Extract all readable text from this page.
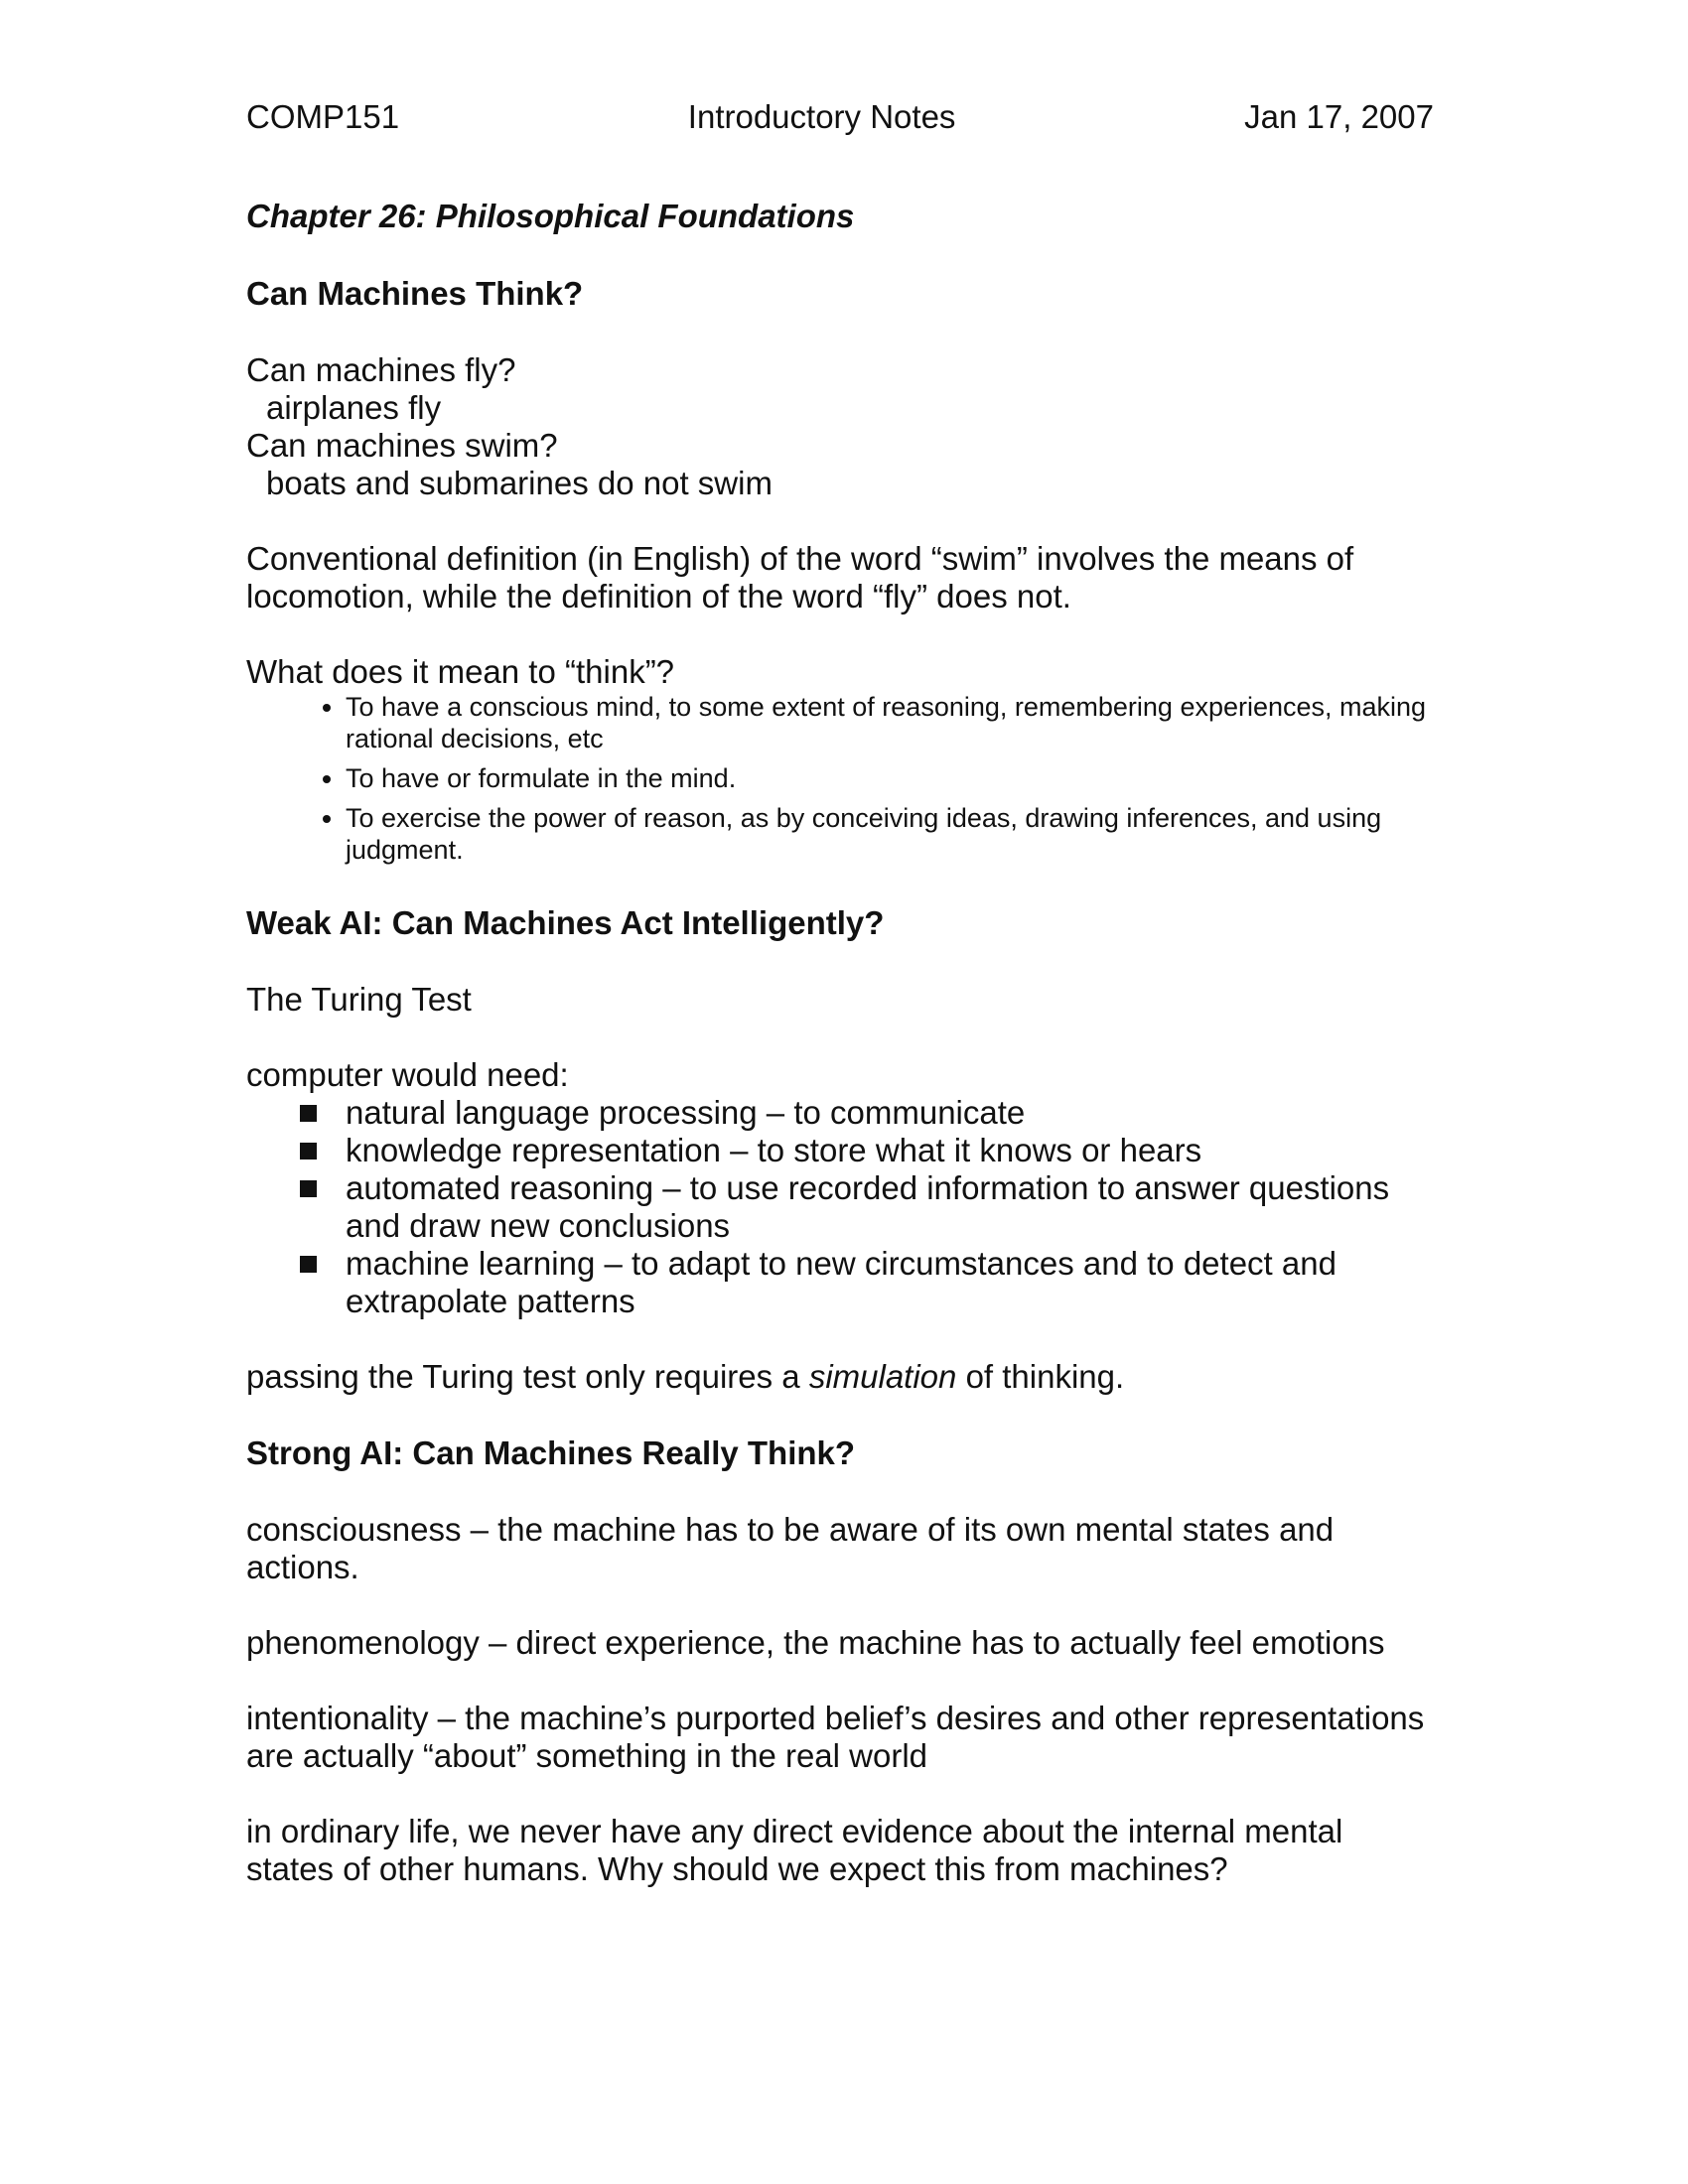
COMP151	Introductory Notes	Jan 17, 2007
Chapter 26: Philosophical Foundations
Can Machines Think?

Can machines fly?

airplanes fly

Can machines swim?

boats and submarines do not swim

Conventional definition (in English) of the word “swim” involves the means of locomotion, while the definition of the word “fly” does not.

What does it mean to “think”?

• To have a conscious mind, to some extent of reasoning, remembering experiences, making rational decisions, etc
• To have or formulate in the mind.
• To exercise the power of reason, as by conceiving ideas, drawing inferences, and using judgment.
Weak AI: Can Machines Act Intelligently?

The Turing Test

computer would need:

natural language processing – to communicate
knowledge representation – to store what it knows or hears
automated reasoning – to use recorded information to answer questions and draw new conclusions
machine learning – to adapt to new circumstances and to detect and extrapolate patterns

passing the Turing test only requires a simulation of thinking.

Strong AI: Can Machines Really Think?

consciousness – the machine has to be aware of its own mental states and actions.

phenomenology – direct experience, the machine has to actually feel emotions

intentionality – the machine’s purported belief’s desires and other representations are actually “about” something in the real world

in ordinary life, we never have any direct evidence about the internal mental states of other humans. Why should we expect this from machines?
